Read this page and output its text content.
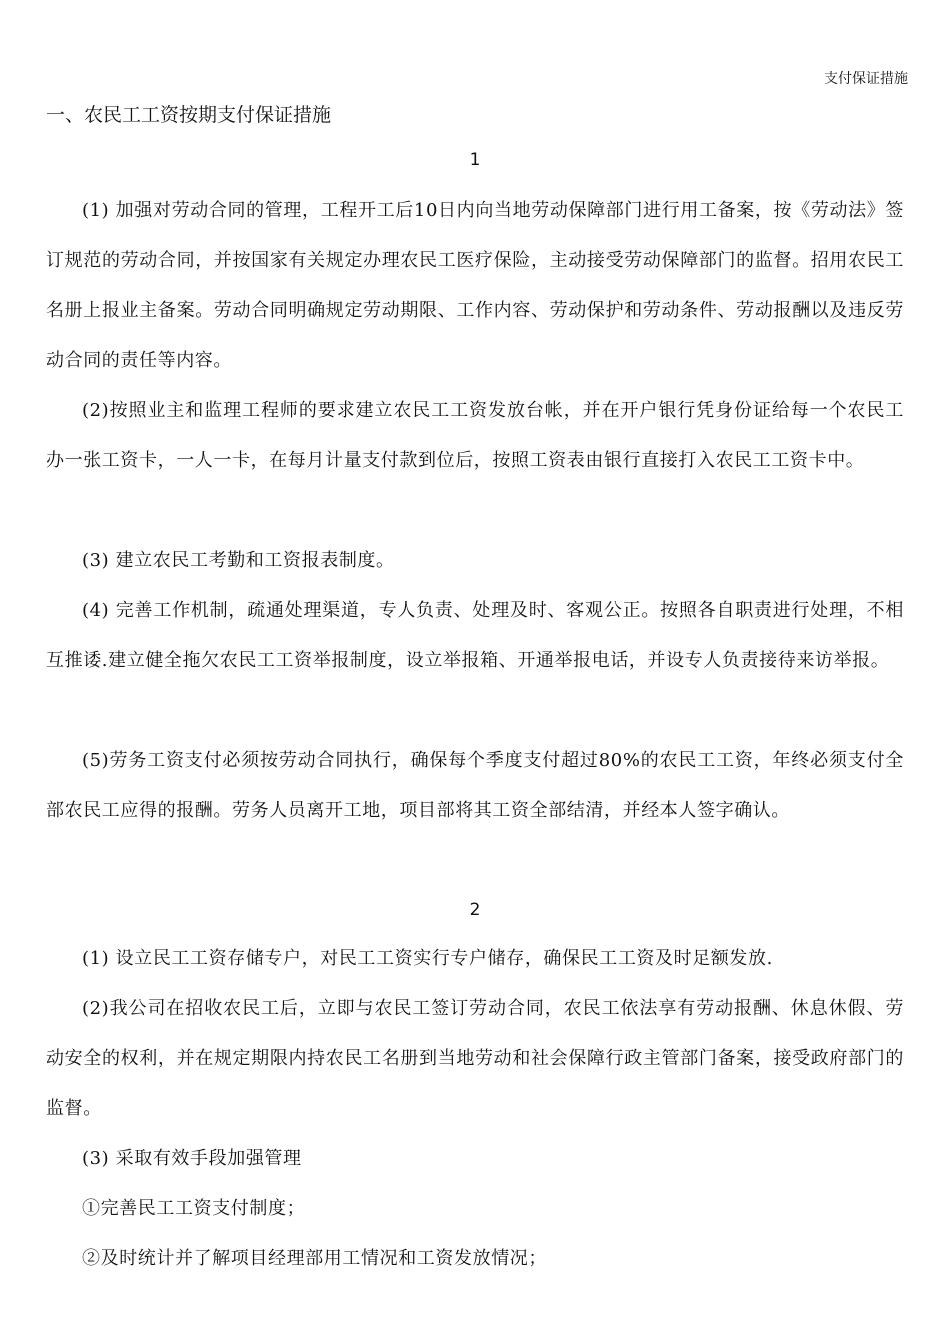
支付保证措施
一、农民工工资按期支付保证措施
1

(1) 加强对劳动合同的管理，工程开工后10日内向当地劳动保障部门进行用工备案，按《劳动法》签订规范的劳动合同，并按国家有关规定办理农民工医疗保险，主动接受劳动保障部门的监督。招用农民工名册上报业主备案。劳动合同明确规定劳动期限、工作内容、劳动保护和劳动条件、劳动报酬以及违反劳动合同的责任等内容。

(2)按照业主和监理工程师的要求建立农民工工资发放台帐，并在开户银行凭身份证给每一个农民工办一张工资卡，一人一卡，在每月计量支付款到位后，按照工资表由银行直接打入农民工工资卡中。

(3) 建立农民工考勤和工资报表制度。

(4) 完善工作机制，疏通处理渠道，专人负责、处理及时、客观公正。按照各自职责进行处理，不相互推诿.建立健全拖欠农民工工资举报制度，设立举报箱、开通举报电话，并设专人负责接待来访举报。

(5)劳务工资支付必须按劳动合同执行，确保每个季度支付超过80%的农民工工资，年终必须支付全部农民工应得的报酬。劳务人员离开工地，项目部将其工资全部结清，并经本人签字确认。

2

(1) 设立民工工资存储专户，对民工工资实行专户储存，确保民工工资及时足额发放.

(2)我公司在招收农民工后，立即与农民工签订劳动合同，农民工依法享有劳动报酬、休息休假、劳动安全的权利，并在规定期限内持农民工名册到当地劳动和社会保障行政主管部门备案，接受政府部门的监督。

(3) 采取有效手段加强管理

①完善民工工资支付制度；

②及时统计并了解项目经理部用工情况和工资发放情况；
